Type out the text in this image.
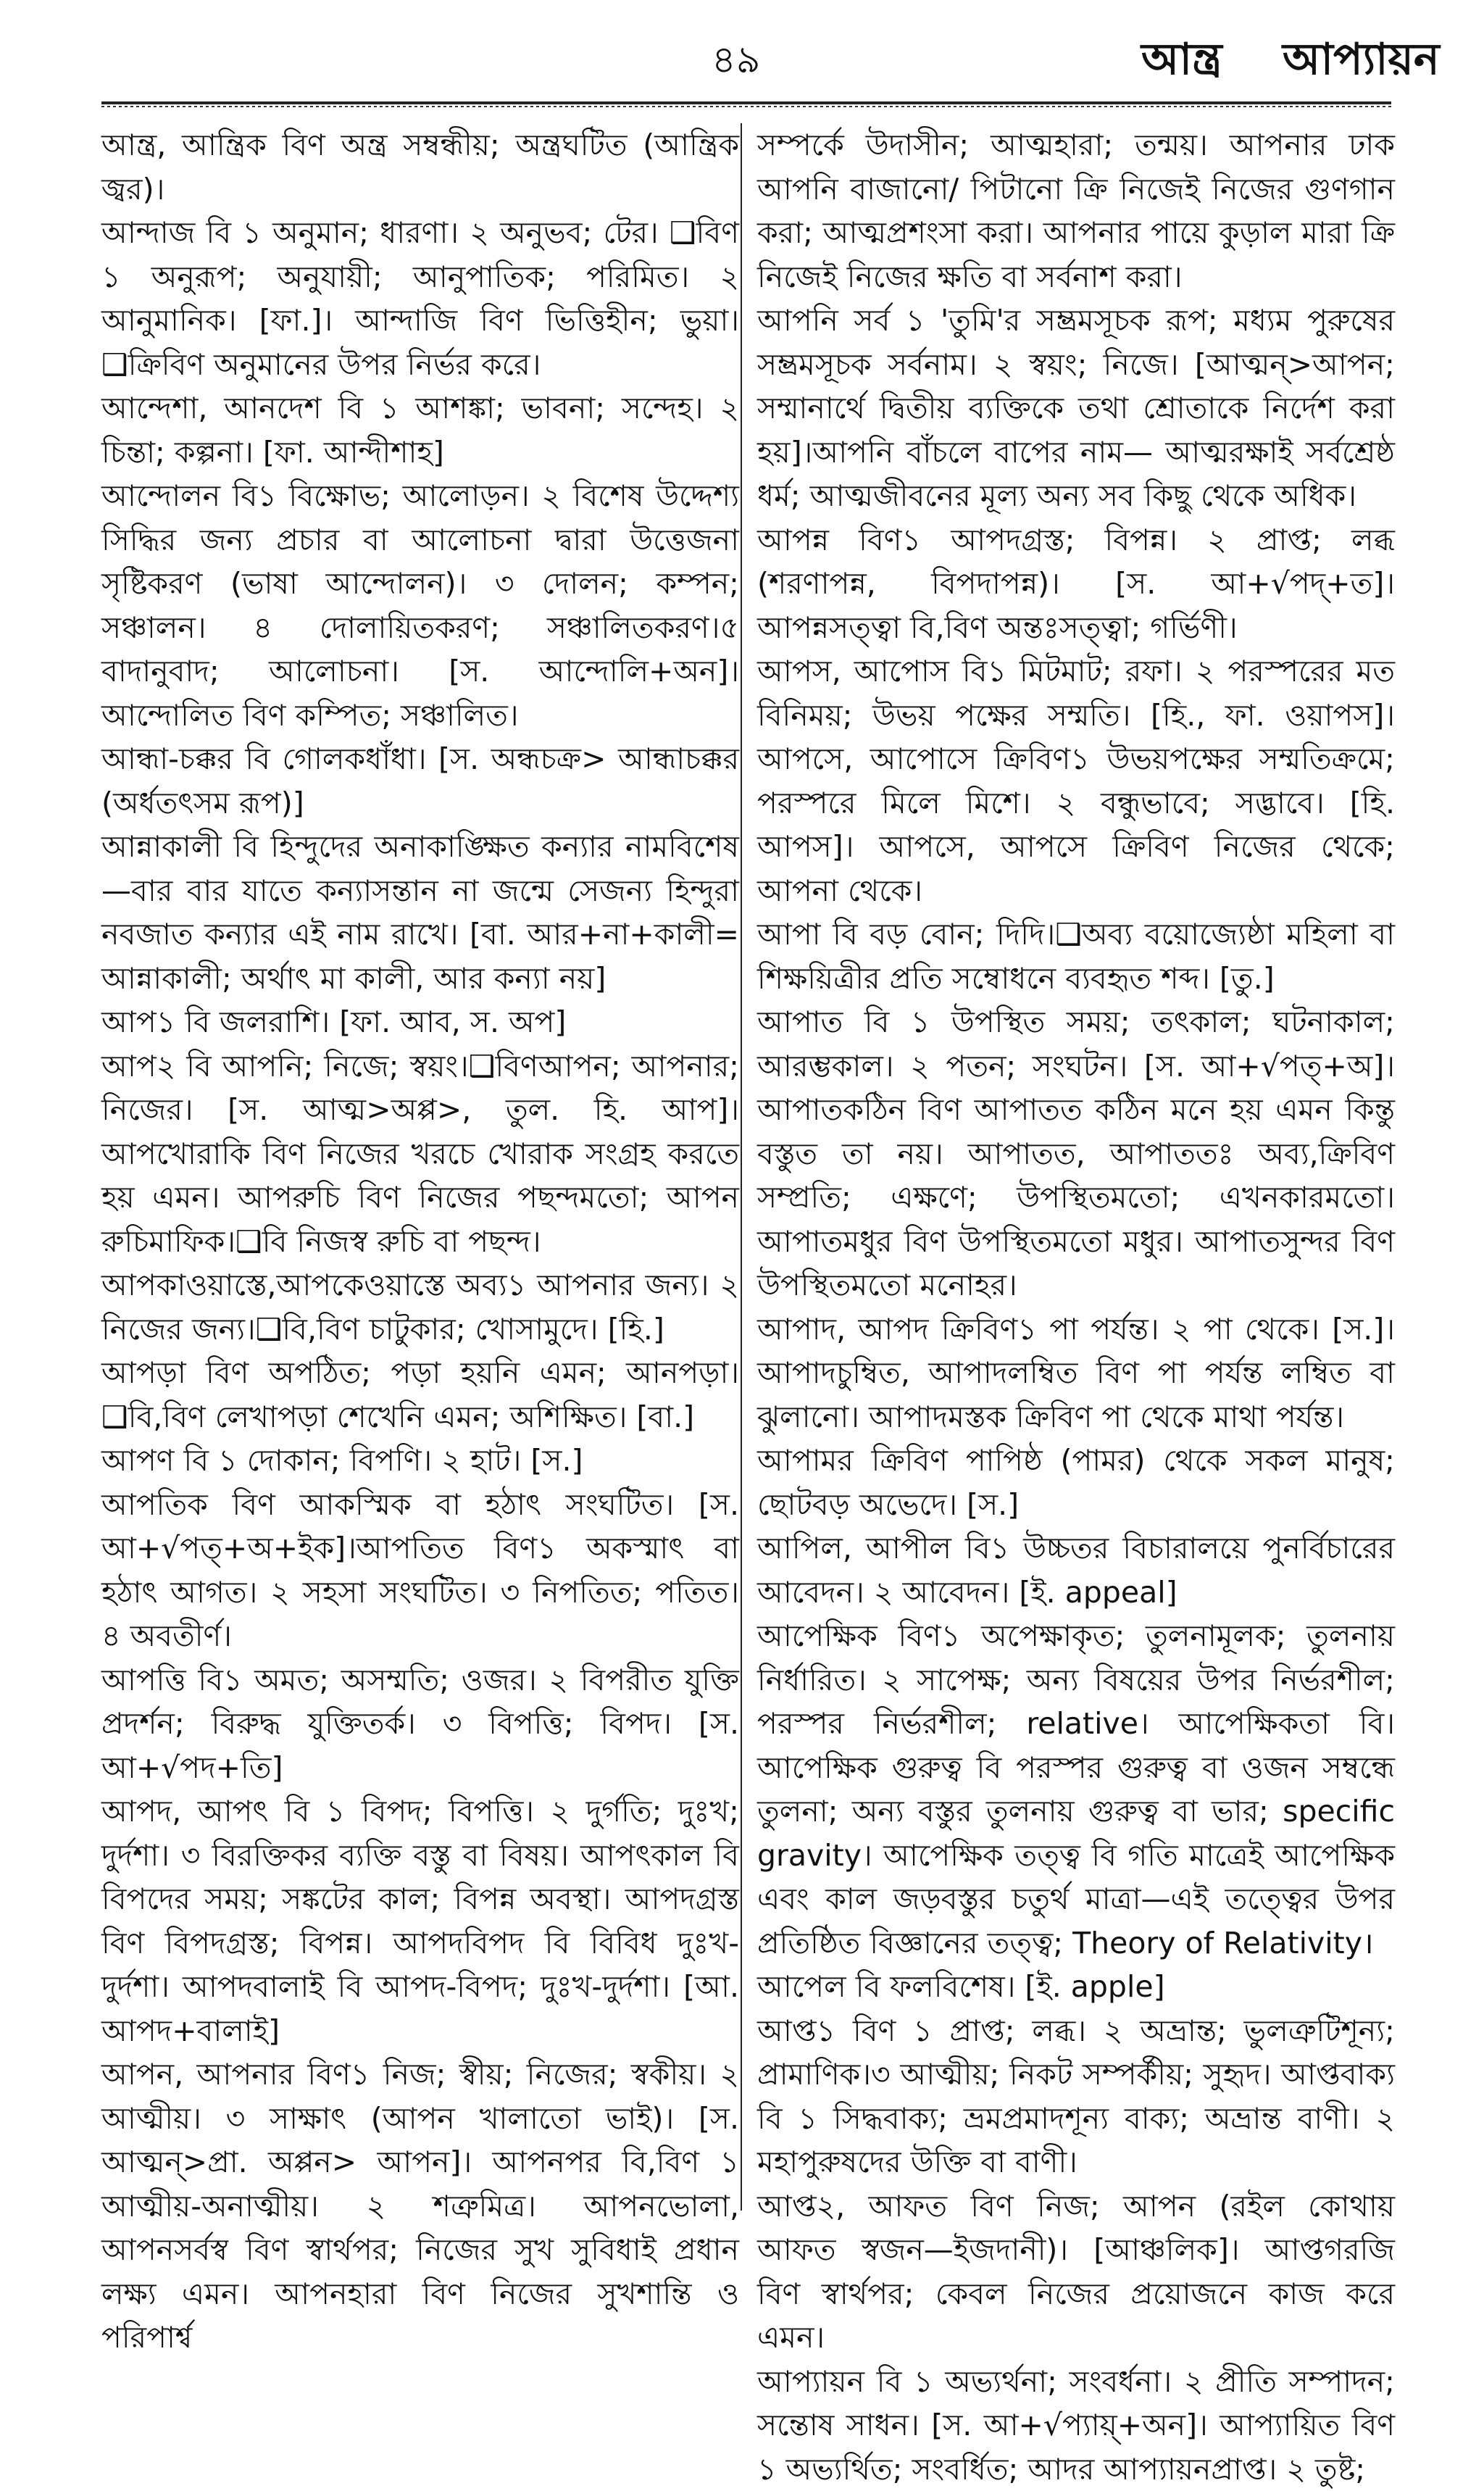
৪৯	আন্ত্র আপ্যায়ন

আন্ত্র, আন্ত্রিক বিণ অন্ত্র সম্বন্ধীয়; অন্ত্রঘটিত (আন্ত্রিক জ্বর)।

আন্দাজ বি ১ অনুমান; ধারণা। ২ অনুভব; টের। ❑বিণ ১ অনুরূপ; অনুযায়ী; আনুপাতিক; পরিমিত। ২ আনুমানিক। [ফা.]। আন্দাজি বিণ ভিত্তিহীন; ভুয়া। ❑ক্রিবিণ অনুমানের উপর নির্ভর করে।

আন্দেশা, আনদেশ বি ১ আশঙ্কা; ভাবনা; সন্দেহ। ২ চিন্তা; কল্পনা। [ফা. আন্দীশাহ]

আন্দোলন বি১ বিক্ষোভ; আলোড়ন। ২ বিশেষ উদ্দেশ্য সিদ্ধির জন্য প্রচার বা আলোচনা দ্বারা উত্তেজনা সৃষ্টিকরণ (ভাষা আন্দোলন)। ৩ দোলন; কম্পন; সঞ্চালন। ৪ দোলায়িতকরণ; সঞ্চালিতকরণ।৫ বাদানুবাদ; আলোচনা। [স. আন্দোলি+অন]। আন্দোলিত বিণ কম্পিত; সঞ্চালিত।

আন্ধা-চক্কর বি গোলকধাঁধা। [স. অন্ধচক্র> আন্ধাচক্কর (অর্ধতৎসম রূপ)]

আন্নাকালী বি হিন্দুদের অনাকাঙ্ক্ষিত কন্যার নামবিশেষ—বার বার যাতে কন্যাসন্তান না জন্মে সেজন্য হিন্দুরা নবজাত কন্যার এই নাম রাখে। [বা. আর+না+কালী= আন্নাকালী; অর্থাৎ মা কালী, আর কন্যা নয়]

আপ১ বি জলরাশি। [ফা. আব, স. অপ]

আপ২ বি আপনি; নিজে; স্বয়ং।❑বিণআপন; আপনার; নিজের। [স. আত্ম>অপ্প>, তুল. হি. আপ]। আপখোরাকি বিণ নিজের খরচে খোরাক সংগ্রহ করতে হয় এমন। আপরুচি বিণ নিজের পছন্দমতো; আপন রুচিমাফিক।❑বি নিজস্ব রুচি বা পছন্দ।

আপকাওয়াস্তে,আপকেওয়াস্তে অব্য১ আপনার জন্য। ২ নিজের জন্য।❑বি,বিণ চাটুকার; খোসামুদে। [হি.]

আপড়া বিণ অপঠিত; পড়া হয়নি এমন; আনপড়া। ❑বি,বিণ লেখাপড়া শেখেনি এমন; অশিক্ষিত। [বা.]

আপণ বি ১ দোকান; বিপণি। ২ হাট। [স.]

আপতিক বিণ আকস্মিক বা হঠাৎ সংঘটিত। [স. আ+√পত্+অ+ইক]।আপতিত বিণ১ অকস্মাৎ বা হঠাৎ আগত। ২ সহসা সংঘটিত। ৩ নিপতিত; পতিত। ৪ অবতীর্ণ।

আপত্তি বি১ অমত; অসম্মতি; ওজর। ২ বিপরীত যুক্তি প্রদর্শন; বিরুদ্ধ যুক্তিতর্ক। ৩ বিপত্তি; বিপদ। [স. আ+√পদ+তি]

আপদ, আপৎ বি ১ বিপদ; বিপত্তি। ২ দুর্গতি; দুঃখ; দুর্দশা। ৩ বিরক্তিকর ব্যক্তি বস্তু বা বিষয়। আপৎকাল বি বিপদের সময়; সঙ্কটের কাল; বিপন্ন অবস্থা। আপদগ্রস্ত বিণ বিপদগ্রস্ত; বিপন্ন। আপদবিপদ বি বিবিধ দুঃখ-দুর্দশা। আপদবালাই বি আপদ-বিপদ; দুঃখ-দুর্দশা। [আ. আপদ+বালাই]

আপন, আপনার বিণ১ নিজ; স্বীয়; নিজের; স্বকীয়। ২ আত্মীয়। ৩ সাক্ষাৎ (আপন খালাতো ভাই)। [স. আত্মন্>প্রা. অপ্পন> আপন]। আপনপর বি,বিণ ১ আত্মীয়-অনাত্মীয়। ২ শত্রুমিত্র। আপনভোলা, আপনসর্বস্ব বিণ স্বার্থপর; নিজের সুখ সুবিধাই প্রধান লক্ষ্য এমন। আপনহারা বিণ নিজের সুখশান্তি ও পরিপার্শ্ব

সম্পর্কে উদাসীন; আত্মহারা; তন্ময়। আপনার ঢাক আপনি বাজানো/ পিটানো ক্রি নিজেই নিজের গুণগান করা; আত্মপ্রশংসা করা। আপনার পায়ে কুড়াল মারা ক্রি নিজেই নিজের ক্ষতি বা সর্বনাশ করা।

আপনি সর্ব ১ 'তুমি'র সম্ভ্রমসূচক রূপ; মধ্যম পুরুষের সম্ভ্রমসূচক সর্বনাম। ২ স্বয়ং; নিজে। [আত্মন্>আপন; সম্মানার্থে দ্বিতীয় ব্যক্তিকে তথা শ্রোতাকে নির্দেশ করা হয়]।আপনি বাঁচলে বাপের নাম— আত্মরক্ষাই সর্বশ্রেষ্ঠ ধর্ম; আত্মজীবনের মূল্য অন্য সব কিছু থেকে অধিক।

আপন্ন বিণ১ আপদগ্রস্ত; বিপন্ন। ২ প্রাপ্ত; লব্ধ (শরণাপন্ন, বিপদাপন্ন)। [স. আ+√পদ্+ত]। আপন্নসত্ত্বা বি,বিণ অন্তঃসত্ত্বা; গর্ভিণী।

আপস, আপোস বি১ মিটমাট; রফা। ২ পরস্পরের মত বিনিময়; উভয় পক্ষের সম্মতি। [হি., ফা. ওয়াপস]। আপসে, আপোসে ক্রিবিণ১ উভয়পক্ষের সম্মতিক্রমে; পরস্পরে মিলে মিশে। ২ বন্ধুভাবে; সদ্ভাবে। [হি. আপস]। আপসে, আপসে ক্রিবিণ নিজের থেকে; আপনা থেকে।

আপা বি বড় বোন; দিদি।❑অব্য বয়োজ্যেষ্ঠা মহিলা বা শিক্ষয়িত্রীর প্রতি সম্বোধনে ব্যবহৃত শব্দ। [তু.]

আপাত বি ১ উপস্থিত সময়; তৎকাল; ঘটনাকাল; আরম্ভকাল। ২ পতন; সংঘটন। [স. আ+√পত্+অ]। আপাতকঠিন বিণ আপাতত কঠিন মনে হয় এমন কিন্তু বস্তুত তা নয়। আপাতত, আপাততঃ অব্য,ক্রিবিণ সম্প্রতি; এক্ষণে; উপস্থিতমতো; এখনকারমতো। আপাতমধুর বিণ উপস্থিতমতো মধুর। আপাতসুন্দর বিণ উপস্থিতমতো মনোহর।

আপাদ, আপদ ক্রিবিণ১ পা পর্যন্ত। ২ পা থেকে। [স.]। আপাদচুম্বিত, আপাদলম্বিত বিণ পা পর্যন্ত লম্বিত বা ঝুলানো। আপাদমস্তক ক্রিবিণ পা থেকে মাথা পর্যন্ত।

আপামর ক্রিবিণ পাপিষ্ঠ (পামর) থেকে সকল মানুষ; ছোটবড় অভেদে। [স.]

আপিল, আপীল বি১ উচ্চতর বিচারালয়ে পুনর্বিচারের আবেদন। ২ আবেদন। [ই. appeal]

আপেক্ষিক বিণ১ অপেক্ষাকৃত; তুলনামূলক; তুলনায় নির্ধারিত। ২ সাপেক্ষ; অন্য বিষয়ের উপর নির্ভরশীল; পরস্পর নির্ভরশীল; relative। আপেক্ষিকতা বি। আপেক্ষিক গুরুত্ব বি পরস্পর গুরুত্ব বা ওজন সম্বন্ধে তুলনা; অন্য বস্তুর তুলনায় গুরুত্ব বা ভার; specific gravity। আপেক্ষিক তত্ত্ব বি গতি মাত্রেই আপেক্ষিক এবং কাল জড়বস্তুর চতুর্থ মাত্রা—এই তত্ত্বের উপর প্রতিষ্ঠিত বিজ্ঞানের তত্ত্ব; Theory of Relativity।

আপেল বি ফলবিশেষ। [ই. apple]

আপ্ত১ বিণ ১ প্রাপ্ত; লব্ধ। ২ অভ্রান্ত; ভুলত্রুটিশূন্য; প্রামাণিক।৩ আত্মীয়; নিকট সম্পর্কীয়; সুহৃদ। আপ্তবাক্য বি ১ সিদ্ধবাক্য; ভ্রমপ্রমাদশূন্য বাক্য; অভ্রান্ত বাণী। ২ মহাপুরুষদের উক্তি বা বাণী।

আপ্ত২, আফত বিণ নিজ; আপন (রইল কোথায় আফত স্বজন—ইজদানী)। [আঞ্চলিক]। আপ্তগরজি বিণ স্বার্থপর; কেবল নিজের প্রয়োজনে কাজ করে এমন।

আপ্যায়ন বি ১ অভ্যর্থনা; সংবর্ধনা। ২ প্রীতি সম্পাদন; সন্তোষ সাধন। [স. আ+√প্যায়্+অন]। আপ্যায়িত বিণ ১ অভ্যর্থিত; সংবর্ধিত; আদর আপ্যায়নপ্রাপ্ত। ২ তুষ্ট;
